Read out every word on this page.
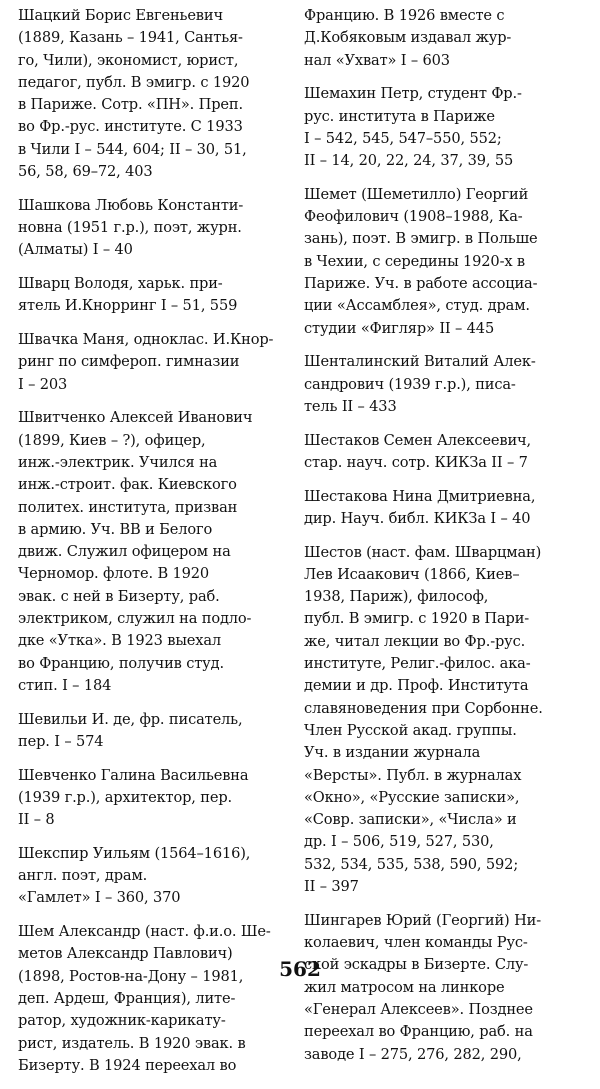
Шацкий Борис Евгеньевич
(1889, Казань – 1941, Сантья-
го, Чили), экономист, юрист,
педагог, публ. В эмигр. с 1920
в Париже. Сотр. «ПН». Преп.
во Фр.-рус. институте. С 1933
в Чили I – 544, 604; II – 30, 51,
56, 58, 69–72, 403
Шашкова Любовь Константи-
новна (1951 г.р.), поэт, журн.
(Алматы) I – 40
Шварц Володя, харьк. при-
ятель И.Кнорринг I – 51, 559
Швачка Маня, одноклас. И.Кнор-
ринг по симфероп. гимназии
I – 203
Швитченко Алексей Иванович
(1899, Киев – ?), офицер,
инж.-электрик. Учился на
инж.-строит. фак. Киевского
политех. института, призван
в армию. Уч. ВВ и Белого
движ. Служил офицером на
Черномор. флоте. В 1920
эвак. с ней в Бизерту, раб.
электриком, служил на подло-
дке «Утка». В 1923 выехал
во Францию, получив студ.
стип. I – 184
Шевильи И. де, фр. писатель,
пер. I – 574
Шевченко Галина Васильевна
(1939 г.р.), архитектор, пер.
II – 8
Шекспир Уильям (1564–1616),
англ. поэт, драм.
«Гамлет» I – 360, 370
Шем Александр (наст. ф.и.о. Ше-
метов Александр Павлович)
(1898, Ростов-на-Дону – 1981,
деп. Ардеш, Франция), лите-
ратор, художник-карикату-
рист, издатель. В 1920 эвак. в
Бизерту. В 1924 переехал во
Францию. В 1926 вместе с
Д.Кобяковым издавал жур-
нал «Ухват» I – 603
Шемахин Петр, студент Фр.-
рус. института в Париже
I – 542, 545, 547–550, 552;
II – 14, 20, 22, 24, 37, 39, 55
Шемет (Шеметилло) Георгий
Феофилович (1908–1988, Ка-
зань), поэт. В эмигр. в Польше
в Чехии, с середины 1920-х в
Париже. Уч. в работе ассоциа-
ции «Ассамблея», студ. драм.
студии «Фигляр» II – 445
Шенталинский Виталий Алек-
сандрович (1939 г.р.), писа-
тель II – 433
Шестаков Семен Алексеевич,
стар. науч. сотр. КИКЗа II – 7
Шестакова Нина Дмитриевна,
дир. Науч. библ. КИКЗа I – 40
Шестов (наст. фам. Шварцман)
Лев Исаакович (1866, Киев–
1938, Париж), философ,
публ. В эмигр. с 1920 в Пари-
же, читал лекции во Фр.-рус.
институте, Религ.-филос. ака-
демии и др. Проф. Института
славяноведения при Сорбонне.
Член Русской акад. группы.
Уч. в издании журнала
«Версты». Публ. в журналах
«Окно», «Русские записки»,
«Совр. записки», «Числа» и
др. I – 506, 519, 527, 530,
532, 534, 535, 538, 590, 592;
II – 397
Шингарев Юрий (Георгий) Ни-
колаевич, член команды Рус-
ской эскадры в Бизерте. Слу-
жил матросом на линкоре
«Генерал Алексеев». Позднее
переехал во Францию, раб. на
заводе I – 275, 276, 282, 290,
562
